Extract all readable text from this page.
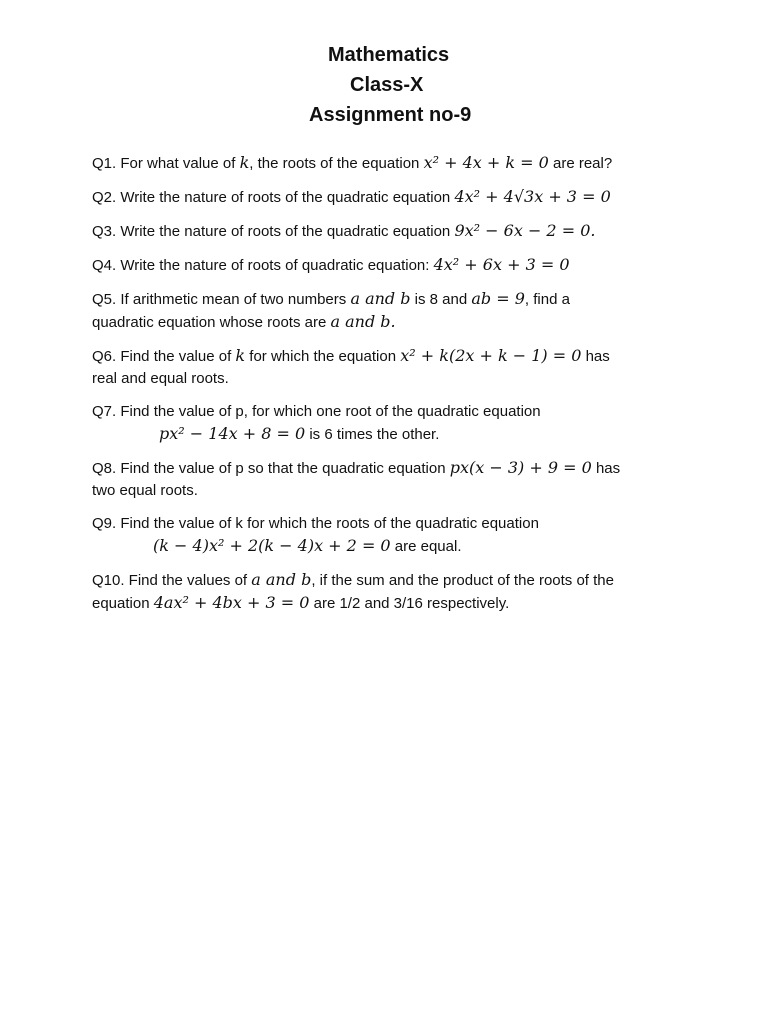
Mathematics
Class-X
Assignment no-9
Q1. For what value of k, the roots of the equation x² + 4x + k = 0 are real?
Q2. Write the nature of roots of the quadratic equation 4x² + 4√3x + 3 = 0
Q3. Write the nature of roots of the quadratic equation 9x² − 6x − 2 = 0.
Q4. Write the nature of roots of quadratic equation: 4x² + 6x + 3 = 0
Q5. If arithmetic mean of two numbers a and b is 8 and ab = 9, find a
quadratic equation whose roots are a and b.
Q6. Find the value of k for which the equation x² + k(2x + k − 1) = 0 has
real and equal roots.
Q7. Find the value of p, for which one root of the quadratic equation
px² − 14x + 8 = 0 is 6 times the other.
Q8. Find the value of p so that the quadratic equation px(x − 3) + 9 = 0 has
two equal roots.
Q9. Find the value of k for which the roots of the quadratic equation
(k − 4)x² + 2(k − 4)x + 2 = 0 are equal.
Q10. Find the values of a and b, if the sum and the product of the roots of the
equation 4ax² + 4bx + 3 = 0 are 1/2 and 3/16 respectively.
